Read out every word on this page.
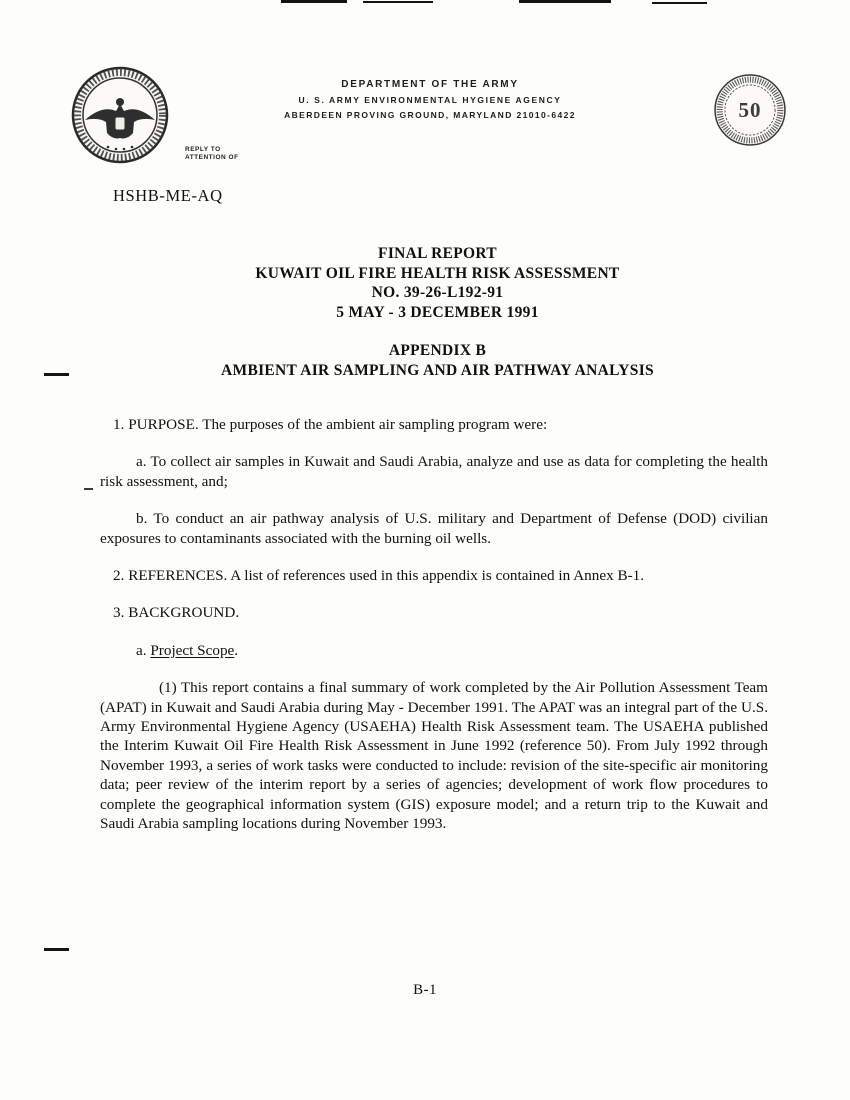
DEPARTMENT OF THE ARMY
U. S. ARMY ENVIRONMENTAL HYGIENE AGENCY
ABERDEEN PROVING GROUND, MARYLAND 21010-6422
REPLY TO
ATTENTION OF
50
HSHB-ME-AQ
FINAL REPORT
KUWAIT OIL FIRE HEALTH RISK ASSESSMENT
NO. 39-26-L192-91
5 MAY - 3 DECEMBER 1991
APPENDIX B
AMBIENT AIR SAMPLING AND AIR PATHWAY ANALYSIS

1. PURPOSE. The purposes of the ambient air sampling program were:

a. To collect air samples in Kuwait and Saudi Arabia, analyze and use as data for completing the health risk assessment, and;

b. To conduct an air pathway analysis of U.S. military and Department of Defense (DOD) civilian exposures to contaminants associated with the burning oil wells.

2. REFERENCES. A list of references used in this appendix is contained in Annex B-1.

3. BACKGROUND.

a. Project Scope.

(1) This report contains a final summary of work completed by the Air Pollution Assessment Team (APAT) in Kuwait and Saudi Arabia during May - December 1991. The APAT was an integral part of the U.S. Army Environmental Hygiene Agency (USAEHA) Health Risk Assessment team. The USAEHA published the Interim Kuwait Oil Fire Health Risk Assessment in June 1992 (reference 50). From July 1992 through November 1993, a series of work tasks were conducted to include: revision of the site-specific air monitoring data; peer review of the interim report by a series of agencies; development of work flow procedures to complete the geographical information system (GIS) exposure model; and a return trip to the Kuwait and Saudi Arabia sampling locations during November 1993.

B-1
